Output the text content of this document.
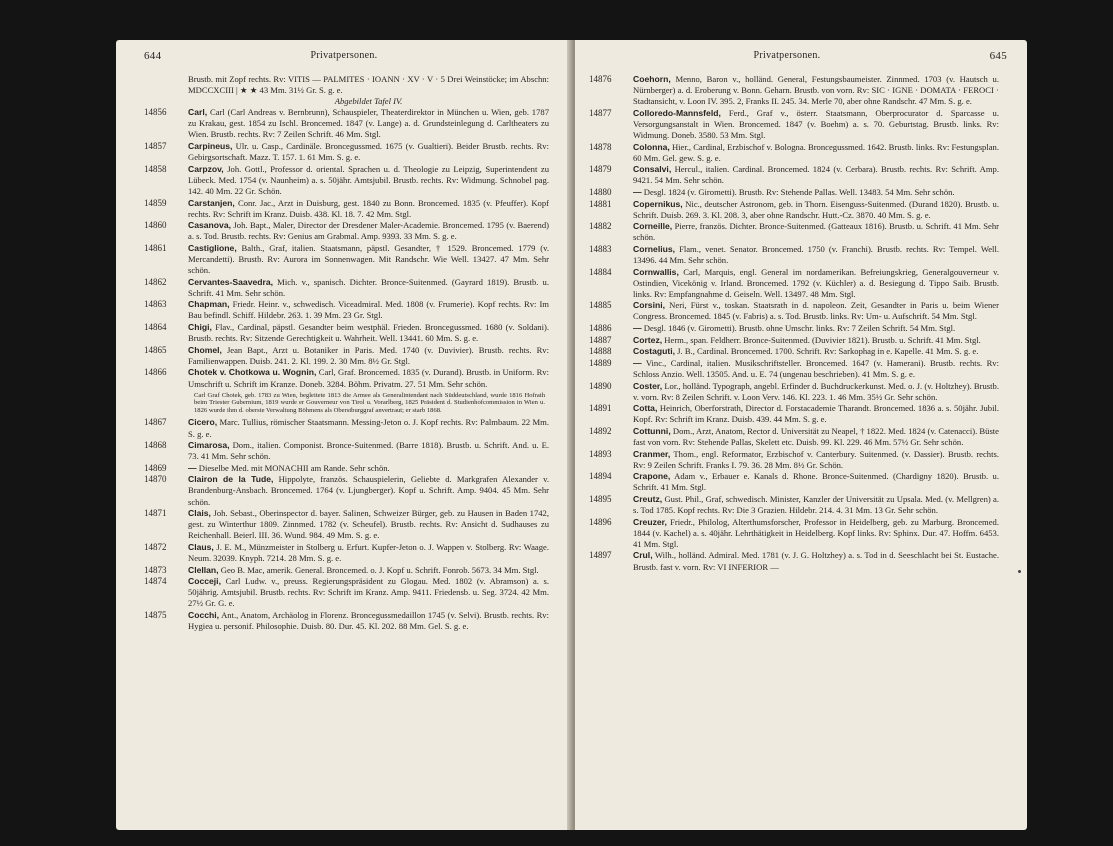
644	Privatpersonen.
Brustb. mit Zopf rechts. Rv: VITIS — PALMITES · IOANN · XV · V · 5 Drei Weinstöcke; im Abschn: MDCCXCIII | ★ ★ 43 Mm. 31½ Gr. S. g. e.
Abgebildet Tafel IV.
14856	Carl, Carl (Carl Andreas v. Bernbrunn), Schauspieler, Theaterdirektor in München u. Wien, geb. 1787 zu Krakau, gest. 1854 zu Ischl. Broncemed. 1847 (v. Lange) a. d. Grundsteinlegung d. Carltheaters zu Wien. Brustb. rechts. Rv: 7 Zeilen Schrift. 46 Mm. Stgl.
14857	Carpineus, Ulr. u. Casp., Cardinäle. Broncegussmed. 1675 (v. Gualtieri). Beider Brustb. rechts. Rv: Gebirgsortschaft. Mazz. T. 157. 1. 61 Mm. S. g. e.
14858	Carpzov, Joh. Gottl., Professor d. oriental. Sprachen u. d. Theologie zu Leipzig, Superintendent zu Lübeck. Med. 1754 (v. Naunheim) a. s. 50jähr. Amtsjubil. Brustb. rechts. Rv: Widmung. Schnobel pag. 142. 40 Mm. 22 Gr. Schön.
14859	Carstanjen, Conr. Jac., Arzt in Duisburg, gest. 1840 zu Bonn. Broncemed. 1835 (v. Pfeuffer). Kopf rechts. Rv: Schrift im Kranz. Duisb. 438. Kl. 18. 7. 42 Mm. Stgl.
14860	Casanova, Joh. Bapt., Maler, Director der Dresdener Maler-Academie. Broncemed. 1795 (v. Baerend) a. s. Tod. Brustb. rechts. Rv: Genius am Grabmal. Amp. 9393. 33 Mm. S. g. e.
14861	Castiglione, Balth., Graf, italien. Staatsmann, päpstl. Gesandter, † 1529. Broncemed. 1779 (v. Mercandetti). Brustb. Rv: Aurora im Sonnenwagen. Mit Randschr. Wie Well. 13427. 47 Mm. Sehr schön.
14862	Cervantes-Saavedra, Mich. v., spanisch. Dichter. Bronce-Suitenmed. (Gayrard 1819). Brustb. u. Schrift. 41 Mm. Sehr schön.
14863	Chapman, Friedr. Heinr. v., schwedisch. Viceadmiral. Med. 1808 (v. Frumerie). Kopf rechts. Rv: Im Bau befindl. Schiff. Hildebr. 263. 1. 39 Mm. 23 Gr. Stgl.
14864	Chigi, Flav., Cardinal, päpstl. Gesandter beim westphäl. Frieden. Broncegussmed. 1680 (v. Soldani). Brustb. rechts. Rv: Sitzende Gerechtigkeit u. Wahrheit. Well. 13441. 60 Mm. S. g. e.
14865	Chomel, Jean Bapt., Arzt u. Botaniker in Paris. Med. 1740 (v. Duvivier). Brustb. rechts. Rv: Familienwappen. Duisb. 241. 2. Kl. 199. 2. 30 Mm. 8½ Gr. Stgl.
14866	Chotek v. Chotkowa u. Wognin, Carl, Graf. Broncemed. 1835 (v. Durand). Brustb. in Uniform. Rv: Umschrift u. Schrift im Kranze. Doneb. 3284. Böhm. Privatm. 27. 51 Mm. Sehr schön.
Carl Graf Chotek, geb. 1783 zu Wien, begleitete 1813 die Armee als Generalintendant nach Süddeutschland, wurde 1816 Hofrath beim Triester Gubernium, 1819 wurde er Gouverneur von Tirol u. Vorarlberg, 1825 Präsident d. Studienhofcommission in Wien u. 1826 wurde ihm d. oberste Verwaltung Böhmens als Oberstburggraf anvertraut; er starb 1868.
14867	Cicero, Marc. Tullius, römischer Staatsmann. Messing-Jeton o. J. Kopf rechts. Rv: Palmbaum. 22 Mm. S. g. e.
14868	Cimarosa, Dom., italien. Componist. Bronce-Suitenmed. (Barre 1818). Brustb. u. Schrift. And. u. E. 73. 41 Mm. Sehr schön.
14869	— Dieselbe Med. mit MONACHII am Rande. Sehr schön.
14870	Clairon de la Tude, Hippolyte, französ. Schauspielerin, Geliebte d. Markgrafen Alexander v. Brandenburg-Ansbach. Broncemed. 1764 (v. Ljungberger). Kopf u. Schrift. Amp. 9404. 45 Mm. Sehr schön.
14871	Clais, Joh. Sebast., Oberinspector d. bayer. Salinen, Schweizer Bürger, geb. zu Hausen in Baden 1742, gest. zu Winterthur 1809. Zinnmed. 1782 (v. Scheufel). Brustb. rechts. Rv: Ansicht d. Sudhauses zu Reichenhall. Beierl. III. 36. Wund. 984. 49 Mm. S. g. e.
14872	Claus, J. E. M., Münzmeister in Stolberg u. Erfurt. Kupfer-Jeton o. J. Wappen v. Stolberg. Rv: Waage. Neum. 32039. Knyph. 7214. 28 Mm. S. g. e.
14873	Clellan, Geo B. Mac, amerik. General. Broncemed. o. J. Kopf u. Schrift. Fonrob. 5673. 34 Mm. Stgl.
14874	Cocceji, Carl Ludw. v., preuss. Regierungspräsident zu Glogau. Med. 1802 (v. Abramson) a. s. 50jährig. Amtsjubil. Brustb. rechts. Rv: Schrift im Kranz. Amp. 9411. Friedensb. u. Seg. 3724. 42 Mm. 27½ Gr. G. e.
14875	Cocchi, Ant., Anatom, Archäolog in Florenz. Broncegussmedaillon 1745 (v. Selvi). Brustb. rechts. Rv: Hygiea u. personif. Philosophie. Duisb. 80. Dur. 45. Kl. 202. 88 Mm. Gel. S. g. e.
Privatpersonen.	645
14876	Coehorn, Menno, Baron v., holländ. General, Festungsbaumeister. Zinnmed. 1703 (v. Hautsch u. Nürnberger) a. d. Eroberung v. Bonn. Geharn. Brustb. von vorn. Rv: SIC · IGNE · DOMATA · FEROCI · Stadtansicht, v. Loon IV. 395. 2, Franks II. 245. 34. Merle 70, aber ohne Randschr. 47 Mm. S. g. e.
14877	Colloredo-Mannsfeld, Ferd., Graf v., österr. Staatsmann, Oberprocurator d. Sparcasse u. Versorgungsanstalt in Wien. Broncemed. 1847 (v. Boehm) a. s. 70. Geburtstag. Brustb. links. Rv: Widmung. Doneb. 3580. 53 Mm. Stgl.
14878	Colonna, Hier., Cardinal, Erzbischof v. Bologna. Broncegussmed. 1642. Brustb. links. Rv: Festungsplan. 60 Mm. Gel. gew. S. g. e.
14879	Consalvi, Hercul., italien. Cardinal. Broncemed. 1824 (v. Cerbara). Brustb. rechts. Rv: Schrift. Amp. 9421. 54 Mm. Sehr schön.
14880	— Desgl. 1824 (v. Girometti). Brustb. Rv: Stehende Pallas. Well. 13483. 54 Mm. Sehr schön.
14881	Copernikus, Nic., deutscher Astronom, geb. in Thorn. Eisenguss-Suitenmed. (Durand 1820). Brustb. u. Schrift. Duisb. 269. 3. Kl. 208. 3, aber ohne Randschr. Hutt.-Cz. 3870. 40 Mm. S. g. e.
14882	Corneille, Pierre, französ. Dichter. Bronce-Suitenmed. (Gatteaux 1816). Brustb. u. Schrift. 41 Mm. Sehr schön.
14883	Cornelius, Flam., venet. Senator. Broncemed. 1750 (v. Franchi). Brustb. rechts. Rv: Tempel. Well. 13496. 44 Mm. Sehr schön.
14884	Cornwallis, Carl, Marquis, engl. General im nordamerikan. Befreiungskrieg, Generalgouverneur v. Ostindien, Vicekönig v. Irland. Broncemed. 1792 (v. Küchler) a. d. Besiegung d. Tippo Saib. Brustb. links. Rv: Empfangnahme d. Geiseln. Well. 13497. 48 Mm. Stgl.
14885	Corsini, Neri, Fürst v., toskan. Staatsrath in d. napoleon. Zeit, Gesandter in Paris u. beim Wiener Congress. Broncemed. 1845 (v. Fabris) a. s. Tod. Brustb. links. Rv: Um- u. Aufschrift. 54 Mm. Stgl.
14886	— Desgl. 1846 (v. Girometti). Brustb. ohne Umschr. links. Rv: 7 Zeilen Schrift. 54 Mm. Stgl.
14887	Cortez, Herm., span. Feldherr. Bronce-Suitenmed. (Duvivier 1821). Brustb. u. Schrift. 41 Mm. Stgl.
14888	Costaguti, J. B., Cardinal. Broncemed. 1700. Schrift. Rv: Sarkophag in e. Kapelle. 41 Mm. S. g. e.
14889	— Vinc., Cardinal, italien. Musikschriftsteller. Broncemed. 1647 (v. Hamerani). Brustb. rechts. Rv: Schloss Anzio. Well. 13505. And. u. E. 74 (ungenau beschrieben). 41 Mm. S. g. e.
14890	Coster, Lor., holländ. Typograph, angebl. Erfinder d. Buchdruckerkunst. Med. o. J. (v. Holtzhey). Brustb. v. vorn. Rv: 8 Zeilen Schrift. v. Loon Verv. 146. Kl. 223. 1. 46 Mm. 35½ Gr. Sehr schön.
14891	Cotta, Heinrich, Oberforstrath, Director d. Forstacademie Tharandt. Broncemed. 1836 a. s. 50jähr. Jubil. Kopf. Rv: Schrift im Kranz. Duisb. 439. 44 Mm. S. g. e.
14892	Cottunni, Dom., Arzt, Anatom, Rector d. Universität zu Neapel, † 1822. Med. 1824 (v. Catenacci). Büste fast von vorn. Rv: Stehende Pallas, Skelett etc. Duisb. 99. Kl. 229. 46 Mm. 57½ Gr. Sehr schön.
14893	Cranmer, Thom., engl. Reformator, Erzbischof v. Canterbury. Suitenmed. (v. Dassier). Brustb. rechts. Rv: 9 Zeilen Schrift. Franks I. 79. 36. 28 Mm. 8½ Gr. Schön.
14894	Crapone, Adam v., Erbauer e. Kanals d. Rhone. Bronce-Suitenmed. (Chardigny 1820). Brustb. u. Schrift. 41 Mm. Stgl.
14895	Creutz, Gust. Phil., Graf, schwedisch. Minister, Kanzler der Universität zu Upsala. Med. (v. Mellgren) a. s. Tod 1785. Kopf rechts. Rv: Die 3 Grazien. Hildebr. 214. 4. 31 Mm. 13 Gr. Sehr schön.
14896	Creuzer, Friedr., Philolog, Alterthumsforscher, Professor in Heidelberg, geb. zu Marburg. Broncemed. 1844 (v. Kachel) a. s. 40jähr. Lehrthätigkeit in Heidelberg. Kopf links. Rv: Sphinx. Dur. 47. Hoffm. 6453. 41 Mm. Stgl.
14897	Crul, Wilh., holländ. Admiral. Med. 1781 (v. J. G. Holtzhey) a. s. Tod in d. Seeschlacht bei St. Eustache. Brustb. fast v. vorn. Rv: VI INFERIOR —
